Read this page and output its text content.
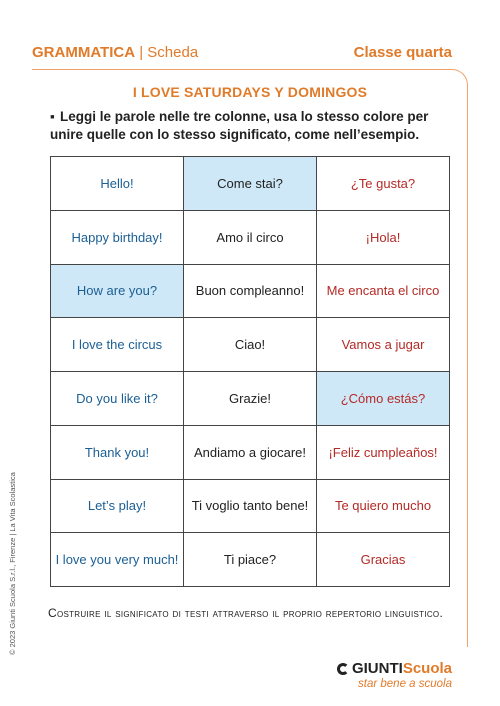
GRAMMATICA | Scheda	Classe quarta
I LOVE SATURDAYS Y DOMINGOS
▪ Leggi le parole nelle tre colonne, usa lo stesso colore per unire quelle con lo stesso significato, come nell’esempio.
Hello!	Come stai?	¿Te gusta?
Happy birthday!	Amo il circo	¡Hola!
How are you?	Buon compleanno!	Me encanta el circo
I love the circus	Ciao!	Vamos a jugar
Do you like it?	Grazie!	¿Cómo estás?
Thank you!	Andiamo a giocare!	¡Feliz cumpleaños!
Let’s play!	Ti voglio tanto bene!	Te quiero mucho
I love you very much!	Ti piace?	Gracias
Costruire il significato di testi attraverso il proprio repertorio linguistico.
© 2023 Giunti Scuola S.r.l., Firenze | La Vita Scolastica
GIUNTIScuola
star bene a scuola
